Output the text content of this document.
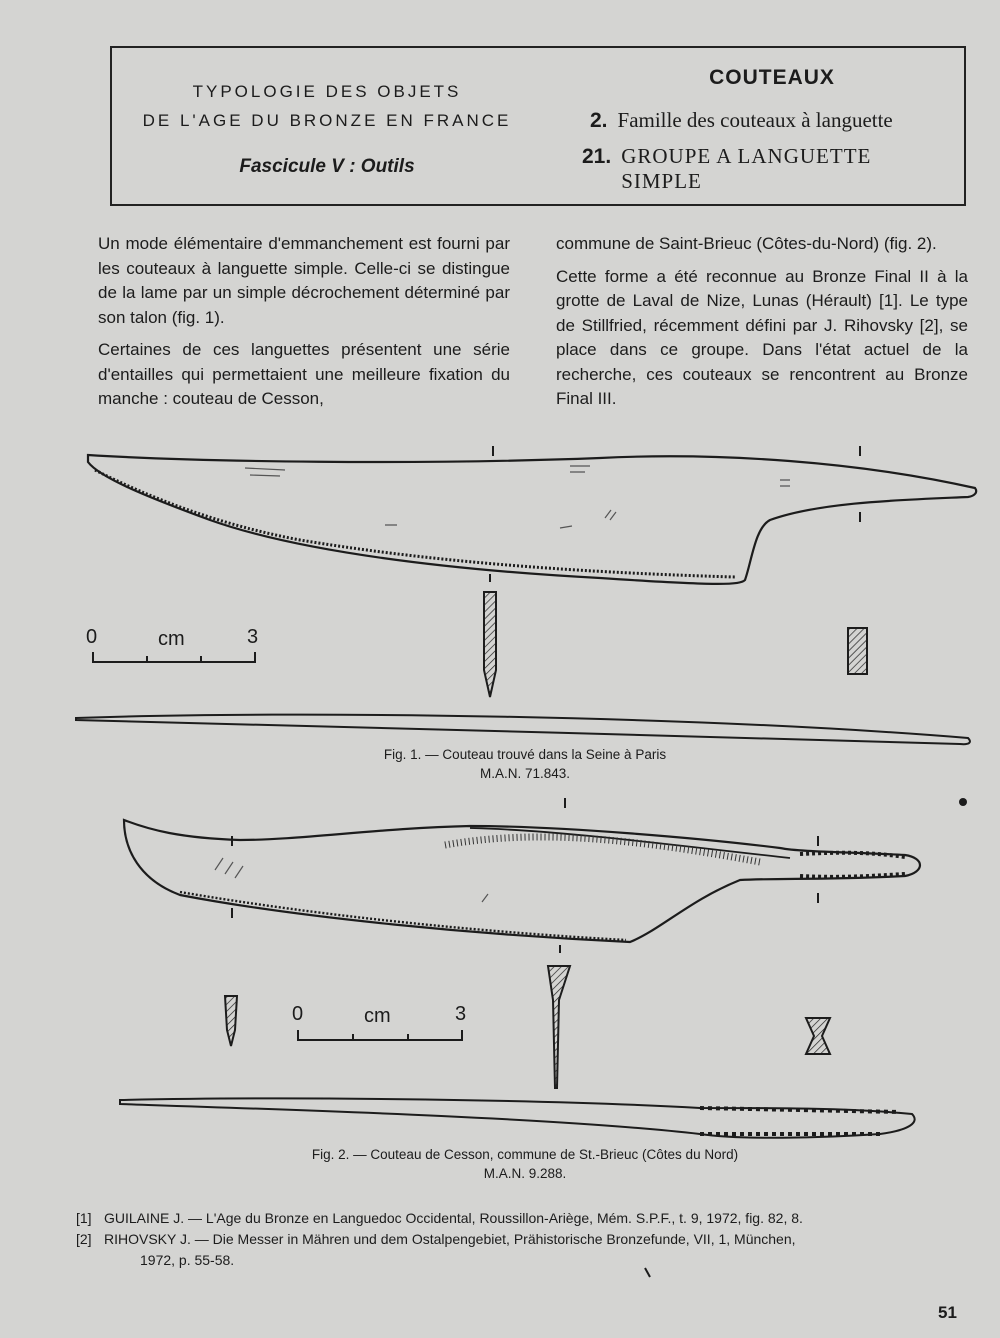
TYPOLOGIE DES OBJETS
DE L'AGE DU BRONZE EN FRANCE
Fascicule V : Outils
COUTEAUX
2. Famille des couteaux à languette
21. GROUPE A LANGUETTE SIMPLE

Un mode élémentaire d'emmanchement est fourni par les couteaux à languette simple. Celle-ci se distingue de la lame par un simple décrochement déterminé par son talon (fig. 1).

Certaines de ces languettes présentent une série d'entailles qui permettaient une meilleure fixation du manche : couteau de Cesson,

commune de Saint-Brieuc (Côtes-du-Nord) (fig. 2).

Cette forme a été reconnue au Bronze Final II à la grotte de Laval de Nize, Lunas (Hérault) [1]. Le type de Stillfried, récemment défini par J. Rihovsky [2], se place dans ce groupe. Dans l'état actuel de la recherche, ces couteaux se rencontrent au Bronze Final III.

0	cm	3
0	cm	3
Fig. 1. — Couteau trouvé dans la Seine à Paris
M.A.N. 71.843.
Fig. 2. — Couteau de Cesson, commune de St.-Brieuc (Côtes du Nord)
M.A.N. 9.288.
[1] GUILAINE J. — L'Age du Bronze en Languedoc Occidental, Roussillon-Ariège, Mém. S.P.F., t. 9, 1972, fig. 82, 8.
[2] RIHOVSKY J. — Die Messer in Mähren und dem Ostalpengebiet, Prähistorische Bronzefunde, VII, 1, München,
1972, p. 55-58.
51
